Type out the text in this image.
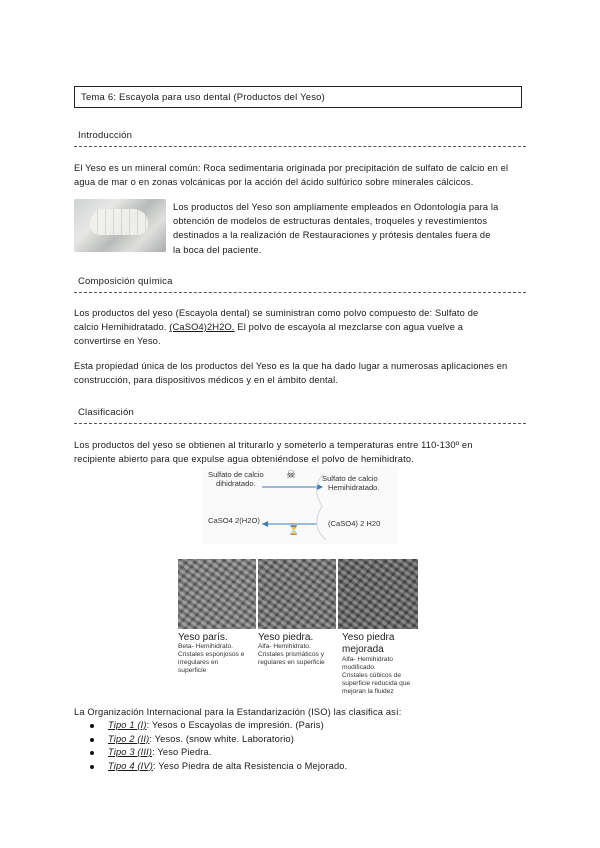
Tema 6: Escayola para uso dental (Productos del Yeso)
Introducción
El Yeso es un mineral común: Roca sedimentaria originada por precipitación de sulfato de calcio en el
agua de mar o en zonas volcánicas por la acción del ácido sulfúrico sobre minerales cálcicos.
Los productos del Yeso son ampliamente empleados en Odontología para la
obtención de modelos de estructuras dentales, troqueles y revestimientos
destinados a la realización de Restauraciones y prótesis dentales fuera de
la boca del paciente.
Composición química
Los productos del yeso (Escayola dental) se suministran como polvo compuesto de: Sulfato de
calcio Hemihidratado. (CaSO4)2H2O. El polvo de escayola al mezclarse con agua vuelve a
convertirse en Yeso.
Esta propiedad única de los productos del Yeso es la que ha dado lugar a numerosas aplicaciones en
construcción, para dispositivos médicos y en el ámbito dental.
Clasificación
Los productos del yeso se obtienen al triturarlo y someterlo a temperaturas entre 110-130º en
recipiente abierto para que expulse agua obteniéndose el polvo de hemihidrato.
Sulfato de calcio
dihidratado.
Sulfato de calcio
Hemihidratado.
☠
⏳
CaSO4 2(H2O)	(CaSO4) 2 H20
Yeso parís.
Beta- Hemihidrato.
Cristales esponjosos e
irregulares en
superficie
Yeso piedra.
Alfa- Hemihidrato.
Cristales prismáticos y
regulares en superficie
Yeso piedra mejorada
Alfa- Hemihidrato
modificado.
Cristales cúbicos de
superficie reducida que
mejoran la fluidez
La Organización Internacional para la Estandarización (ISO) las clasifica así:
Tipo 1 (I): Yesos o Escayolas de impresión. (Paris)
Tipo 2 (II): Yesos. (snow white. Laboratorio)
Tipo 3 (III): Yeso Piedra.
Tipo 4 (IV): Yeso Piedra de alta Resistencia o Mejorado.
